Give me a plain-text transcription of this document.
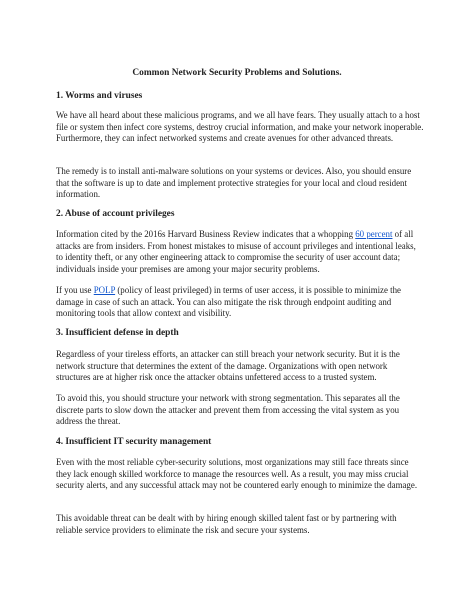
Common Network Security Problems and Solutions.
1. Worms and viruses

We have all heard about these malicious programs, and we all have fears. They usually attach to a host file or system then infect core systems, destroy crucial information, and make your network inoperable. Furthermore, they can infect networked systems and create avenues for other advanced threats.

The remedy is to install anti-malware solutions on your systems or devices. Also, you should ensure that the software is up to date and implement protective strategies for your local and cloud resident information.

2. Abuse of account privileges

Information cited by the 2016s Harvard Business Review indicates that a whopping 60 percent of all attacks are from insiders. From honest mistakes to misuse of account privileges and intentional leaks, to identity theft, or any other engineering attack to compromise the security of user account data; individuals inside your premises are among your major security problems.

If you use POLP (policy of least privileged) in terms of user access, it is possible to minimize the damage in case of such an attack. You can also mitigate the risk through endpoint auditing and monitoring tools that allow context and visibility.

3. Insufficient defense in depth

Regardless of your tireless efforts, an attacker can still breach your network security. But it is the network structure that determines the extent of the damage. Organizations with open network structures are at higher risk once the attacker obtains unfettered access to a trusted system.

To avoid this, you should structure your network with strong segmentation. This separates all the discrete parts to slow down the attacker and prevent them from accessing the vital system as you address the threat.

4. Insufficient IT security management

Even with the most reliable cyber-security solutions, most organizations may still face threats since they lack enough skilled workforce to manage the resources well. As a result, you may miss crucial security alerts, and any successful attack may not be countered early enough to minimize the damage.

This avoidable threat can be dealt with by hiring enough skilled talent fast or by partnering with reliable service providers to eliminate the risk and secure your systems.
